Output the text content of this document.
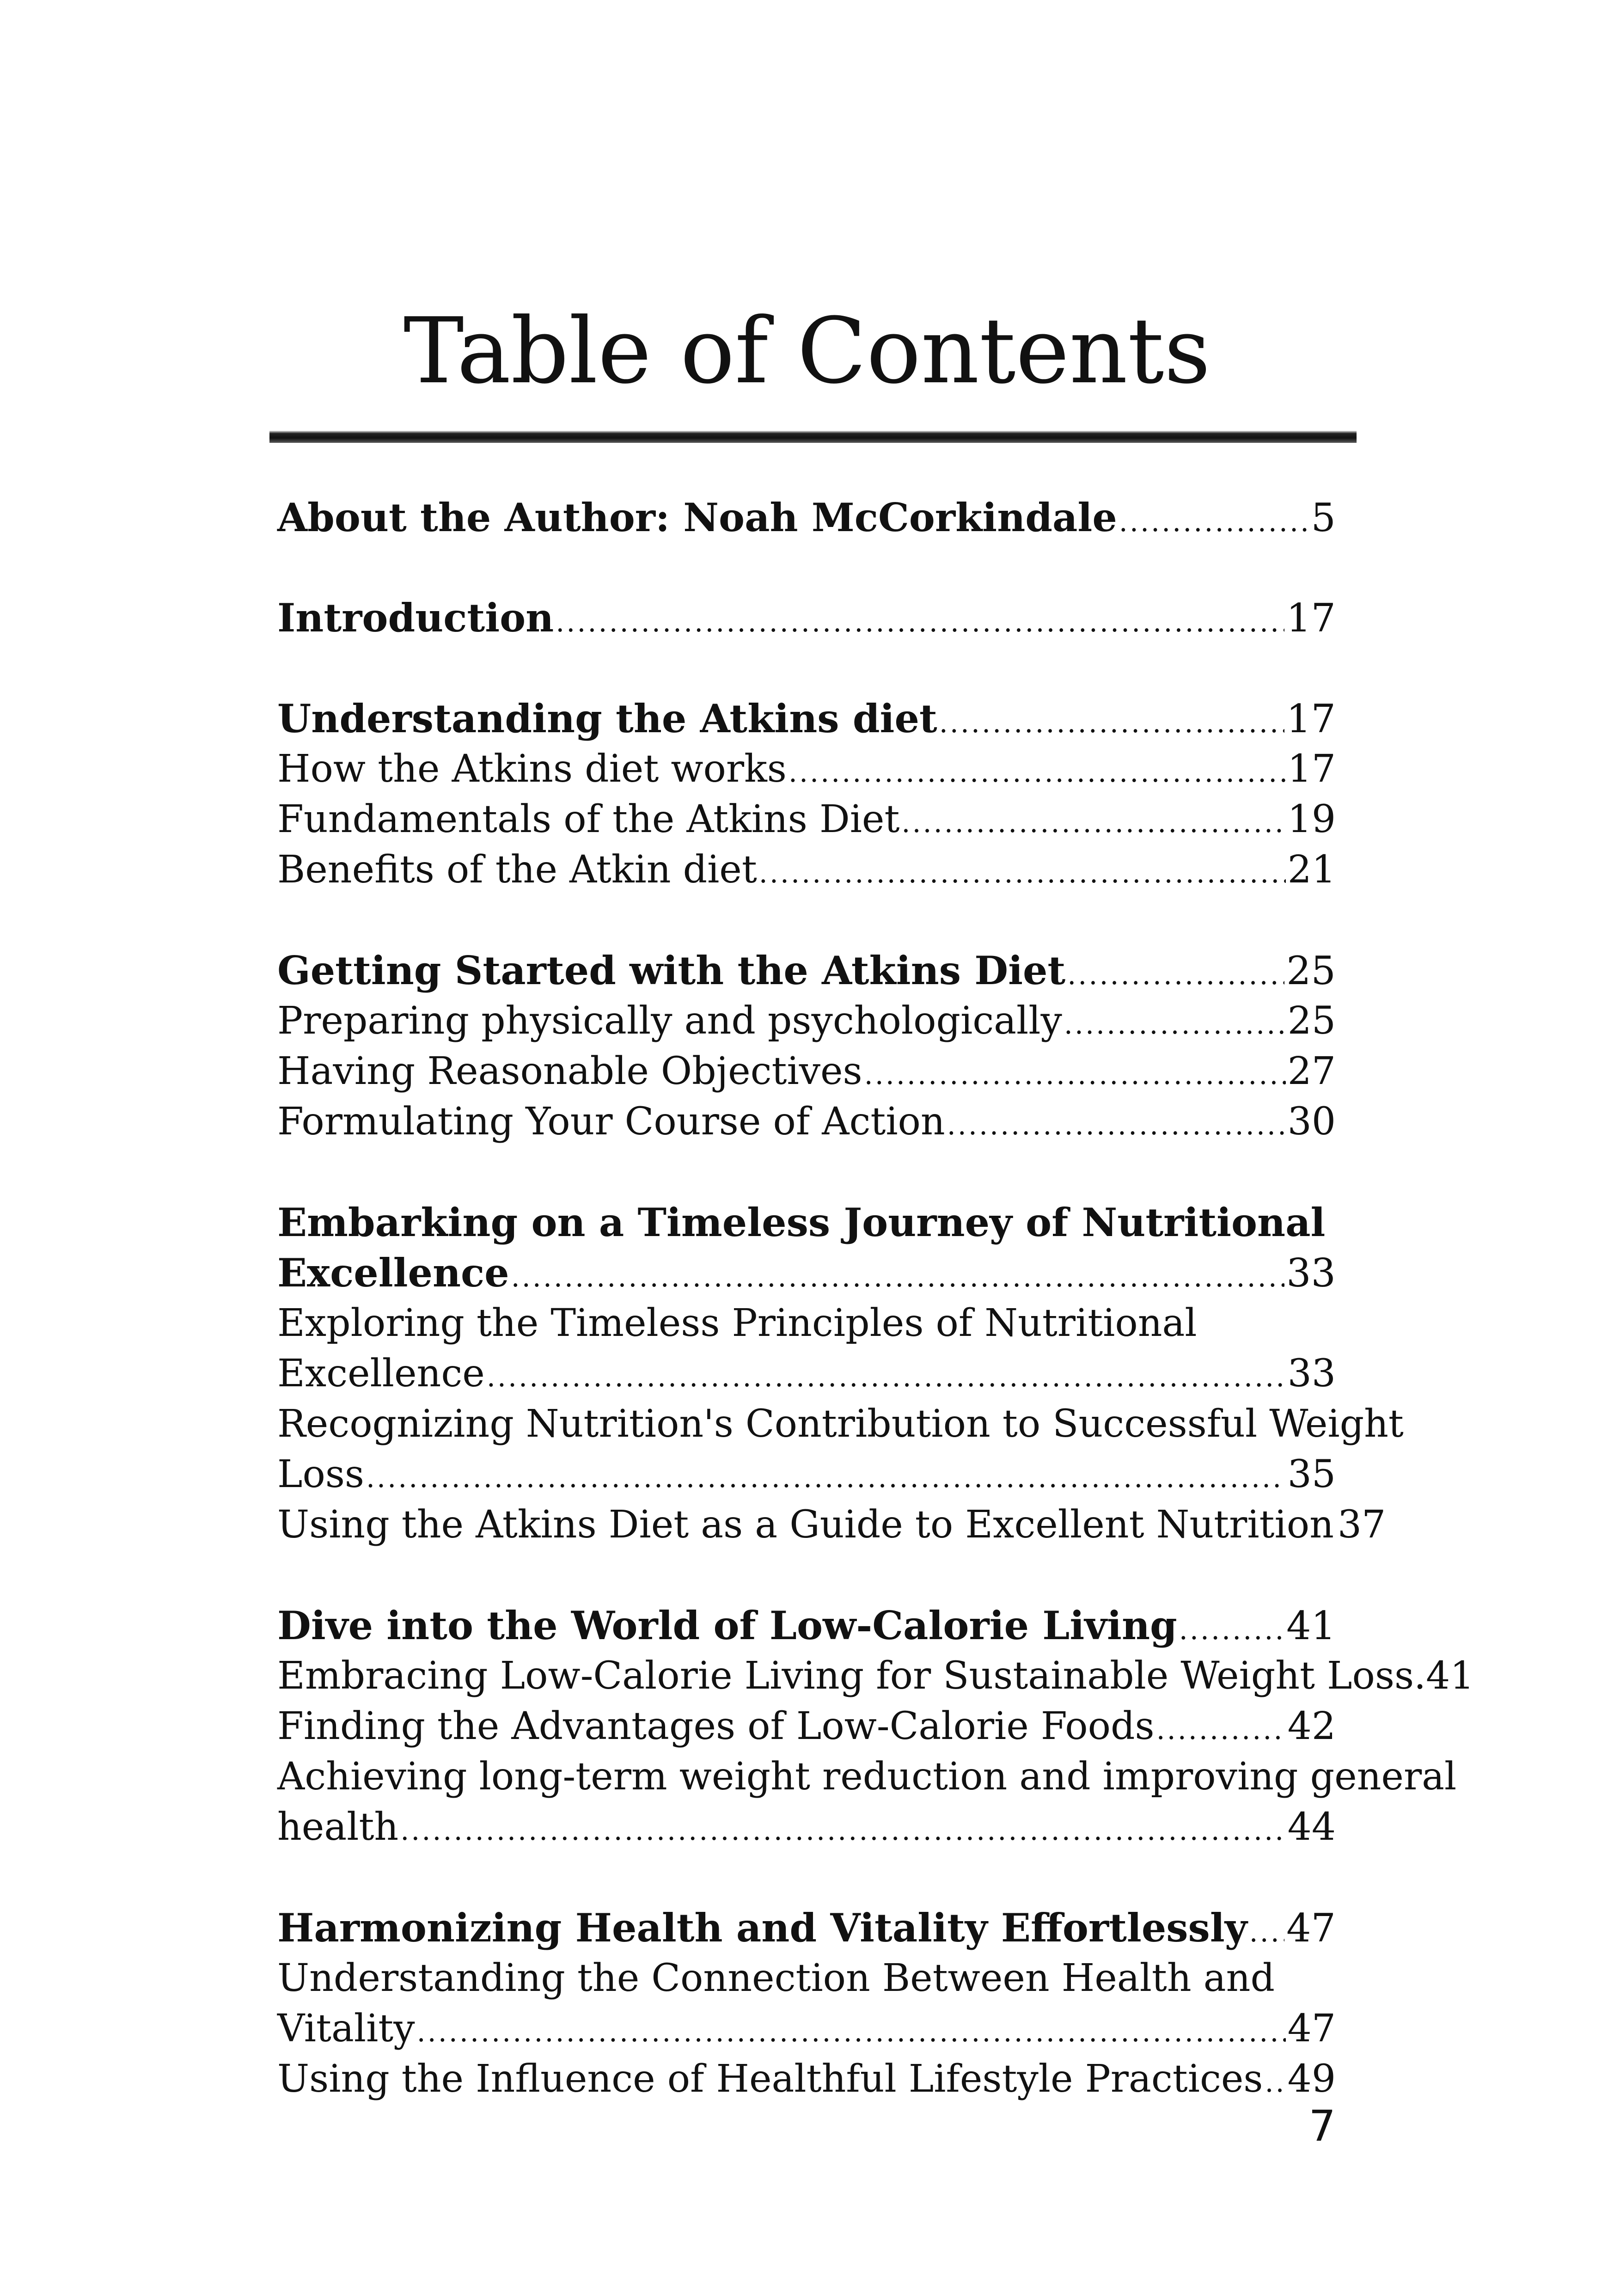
Table of Contents
About the Author: Noah McCorkindale .....	5
Introduction .....	17
Understanding the Atkins diet .....	17
How the Atkins diet works .....	17
Fundamentals of the Atkins Diet .....	19
Benefits of the Atkin diet .....	21
Getting Started with the Atkins Diet .....	25
Preparing physically and psychologically .....	25
Having Reasonable Objectives .....	27
Formulating Your Course of Action .....	30
Embarking on a Timeless Journey of Nutritional
Excellence .....	33
Exploring the Timeless Principles of Nutritional
Excellence .....	33
Recognizing Nutrition's Contribution to Successful Weight
Loss .....	35
Using the Atkins Diet as a Guide to Excellent Nutrition 37
Dive into the World of Low-Calorie Living .....	41
Embracing Low-Calorie Living for Sustainable Weight Loss. 41
Finding the Advantages of Low-Calorie Foods .....	42
Achieving long-term weight reduction and improving general
health .....	44
Harmonizing Health and Vitality Effortlessly ..... 47
Understanding the Connection Between Health and
Vitality .....	47
Using the Influence of Healthful Lifestyle Practices ..... 49
7
